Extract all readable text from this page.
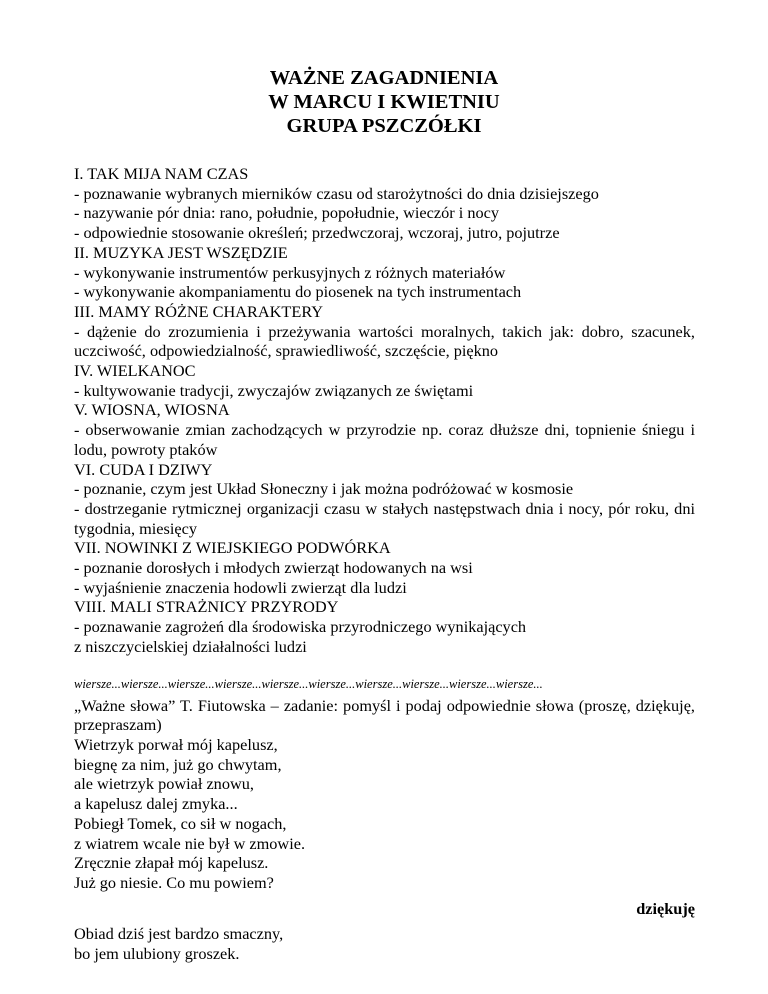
WAŻNE ZAGADNIENIA
W MARCU I KWIETNIU
GRUPA PSZCZÓŁKI
I. TAK MIJA NAM CZAS
- poznawanie wybranych mierników czasu od starożytności do dnia dzisiejszego
- nazywanie pór dnia: rano, południe, popołudnie, wieczór i nocy
- odpowiednie stosowanie określeń; przedwczoraj, wczoraj, jutro, pojutrze
II. MUZYKA JEST WSZĘDZIE
- wykonywanie instrumentów perkusyjnych z różnych materiałów
- wykonywanie akompaniamentu do piosenek na tych instrumentach
III. MAMY RÓŻNE CHARAKTERY
- dążenie do zrozumienia i przeżywania wartości moralnych, takich jak: dobro, szacunek, uczciwość, odpowiedzialność, sprawiedliwość, szczęście, piękno
IV. WIELKANOC
- kultywowanie tradycji, zwyczajów związanych ze świętami
V. WIOSNA, WIOSNA
- obserwowanie zmian zachodzących w przyrodzie np. coraz dłuższe dni, topnienie śniegu i lodu, powroty ptaków
VI. CUDA I DZIWY
- poznanie, czym jest Układ Słoneczny i jak można podróżować w kosmosie
- dostrzeganie rytmicznej organizacji czasu w stałych następstwach dnia i nocy, pór roku, dni tygodnia, miesięcy
VII. NOWINKI Z WIEJSKIEGO PODWÓRKA
- poznanie dorosłych i młodych zwierząt hodowanych na wsi
- wyjaśnienie znaczenia hodowli zwierząt dla ludzi
VIII. MALI STRAŻNICY PRZYRODY
- poznawanie zagrożeń dla środowiska przyrodniczego wynikających
z niszczycielskiej działalności ludzi
wiersze...wiersze...wiersze...wiersze...wiersze...wiersze...wiersze...wiersze...wiersze...wiersze...
„Ważne słowa” T. Fiutowska – zadanie: pomyśl i podaj odpowiednie słowa (proszę, dziękuję, przepraszam)
Wietrzyk porwał mój kapelusz,
biegnę za nim, już go chwytam,
ale wietrzyk powiał znowu,
a kapelusz dalej zmyka...
Pobiegł Tomek, co sił w nogach,
z wiatrem wcale nie był w zmowie.
Zręcznie złapał mój kapelusz.
Już go niesie. Co mu powiem?
dziękuję
Obiad dziś jest bardzo smaczny,
bo jem ulubiony groszek.
